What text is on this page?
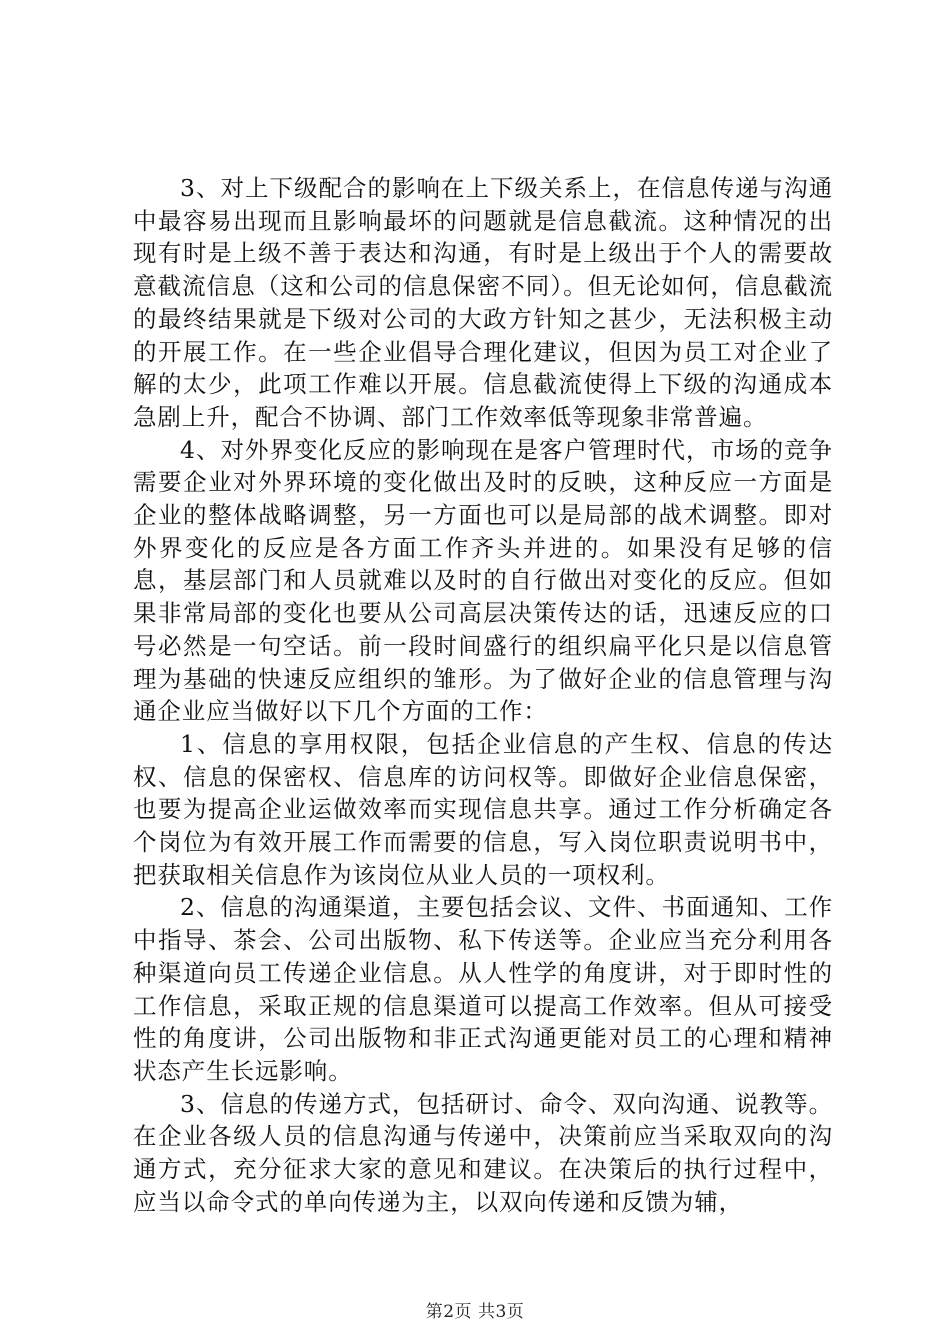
3、对上下级配合的影响在上下级关系上，在信息传递与沟通中最容易出现而且影响最坏的问题就是信息截流。这种情况的出现有时是上级不善于表达和沟通，有时是上级出于个人的需要故意截流信息（这和公司的信息保密不同）。但无论如何，信息截流的最终结果就是下级对公司的大政方针知之甚少，无法积极主动的开展工作。在一些企业倡导合理化建议，但因为员工对企业了解的太少，此项工作难以开展。信息截流使得上下级的沟通成本急剧上升，配合不协调、部门工作效率低等现象非常普遍。

4、对外界变化反应的影响现在是客户管理时代，市场的竞争需要企业对外界环境的变化做出及时的反映，这种反应一方面是企业的整体战略调整，另一方面也可以是局部的战术调整。即对外界变化的反应是各方面工作齐头并进的。如果没有足够的信息，基层部门和人员就难以及时的自行做出对变化的反应。但如果非常局部的变化也要从公司高层决策传达的话，迅速反应的口号必然是一句空话。前一段时间盛行的组织扁平化只是以信息管理为基础的快速反应组织的雏形。为了做好企业的信息管理与沟通企业应当做好以下几个方面的工作：

1、信息的享用权限，包括企业信息的产生权、信息的传达权、信息的保密权、信息库的访问权等。即做好企业信息保密，也要为提高企业运做效率而实现信息共享。通过工作分析确定各个岗位为有效开展工作而需要的信息，写入岗位职责说明书中，把获取相关信息作为该岗位从业人员的一项权利。

2、信息的沟通渠道，主要包括会议、文件、书面通知、工作中指导、茶会、公司出版物、私下传送等。企业应当充分利用各种渠道向员工传递企业信息。从人性学的角度讲，对于即时性的工作信息，采取正规的信息渠道可以提高工作效率。但从可接受性的角度讲，公司出版物和非正式沟通更能对员工的心理和精神状态产生长远影响。

3、信息的传递方式，包括研讨、命令、双向沟通、说教等。在企业各级人员的信息沟通与传递中，决策前应当采取双向的沟通方式，充分征求大家的意见和建议。在决策后的执行过程中，应当以命令式的单向传递为主，以双向传递和反馈为辅，

第2页 共3页
